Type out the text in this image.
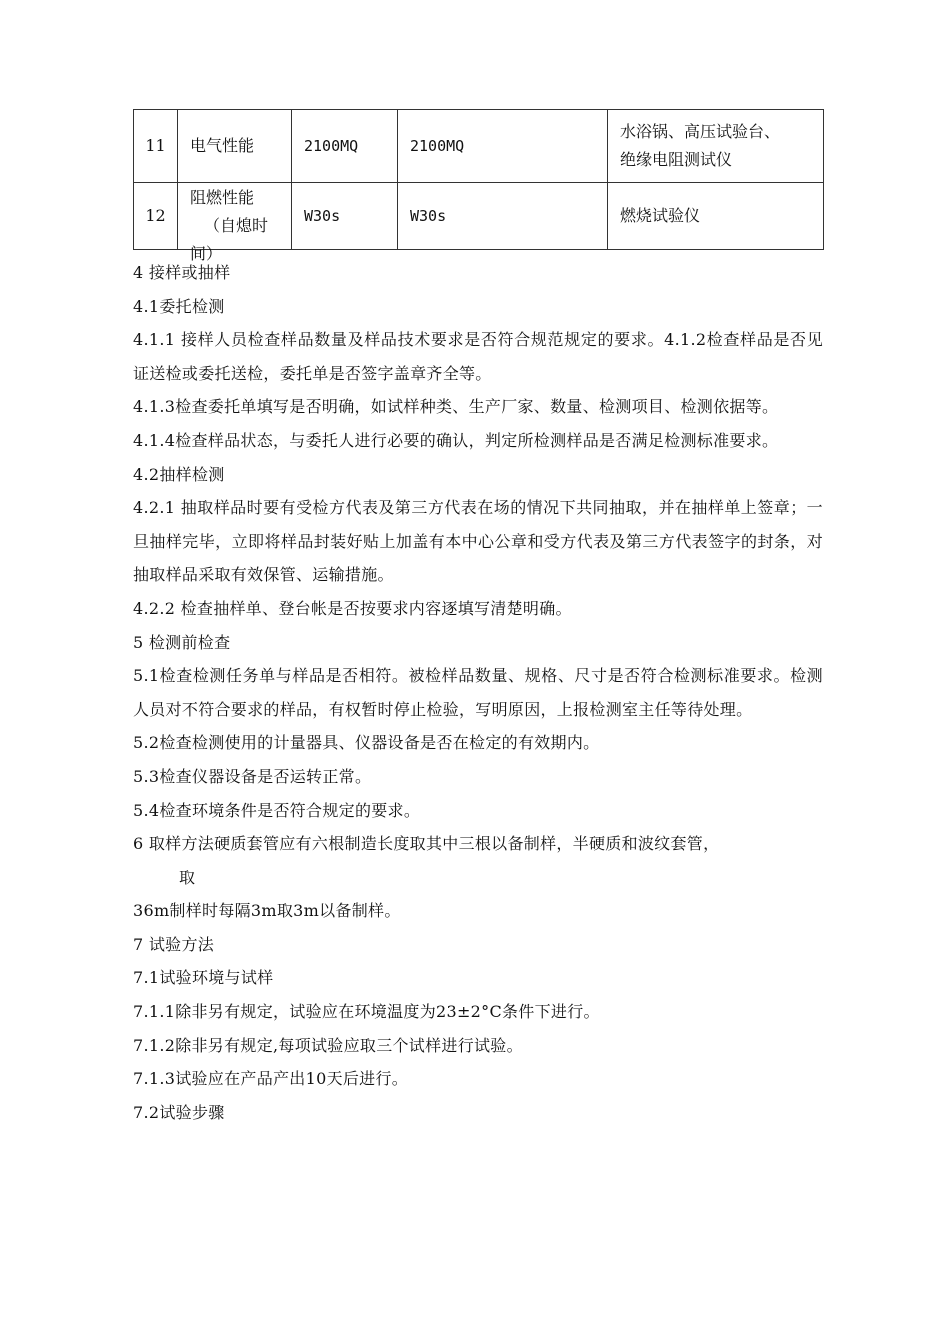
11	电气性能	2100MQ	2100MQ	水浴锅、高压试验台、
绝缘电阻测试仪

12	阻燃性能
（自熄时
间）	W30s	W30s	燃烧试验仪

4 接样或抽样

4.1委托检测

4.1.1 接样人员检查样品数量及样品技术要求是否符合规范规定的要求。4.1.2检查样品是否见证送检或委托送检，委托单是否签字盖章齐全等。

4.1.3检查委托单填写是否明确，如试样种类、生产厂家、数量、检测项目、检测依据等。

4.1.4检查样品状态，与委托人进行必要的确认，判定所检测样品是否满足检测标准要求。

4.2抽样检测

4.2.1 抽取样品时要有受检方代表及第三方代表在场的情况下共同抽取，并在抽样单上签章；一旦抽样完毕，立即将样品封装好贴上加盖有本中心公章和受方代表及第三方代表签字的封条，对抽取样品采取有效保管、运输措施。

4.2.2 检查抽样单、登台帐是否按要求内容逐填写清楚明确。

5 检测前检查

5.1检查检测任务单与样品是否相符。被检样品数量、规格、尺寸是否符合检测标准要求。检测人员对不符合要求的样品，有权暂时停止检验，写明原因，上报检测室主任等待处理。

5.2检查检测使用的计量器具、仪器设备是否在检定的有效期内。

5.3检查仪器设备是否运转正常。

5.4检查环境条件是否符合规定的要求。

6 取样方法硬质套管应有六根制造长度取其中三根以备制样，半硬质和波纹套管，

取

36m制样时每隔3m取3m以备制样。

7 试验方法

7.1试验环境与试样

7.1.1除非另有规定，试验应在环境温度为23±2°C条件下进行。

7.1.2除非另有规定,每项试验应取三个试样进行试验。

7.1.3试验应在产品产出10天后进行。

7.2试验步骤
